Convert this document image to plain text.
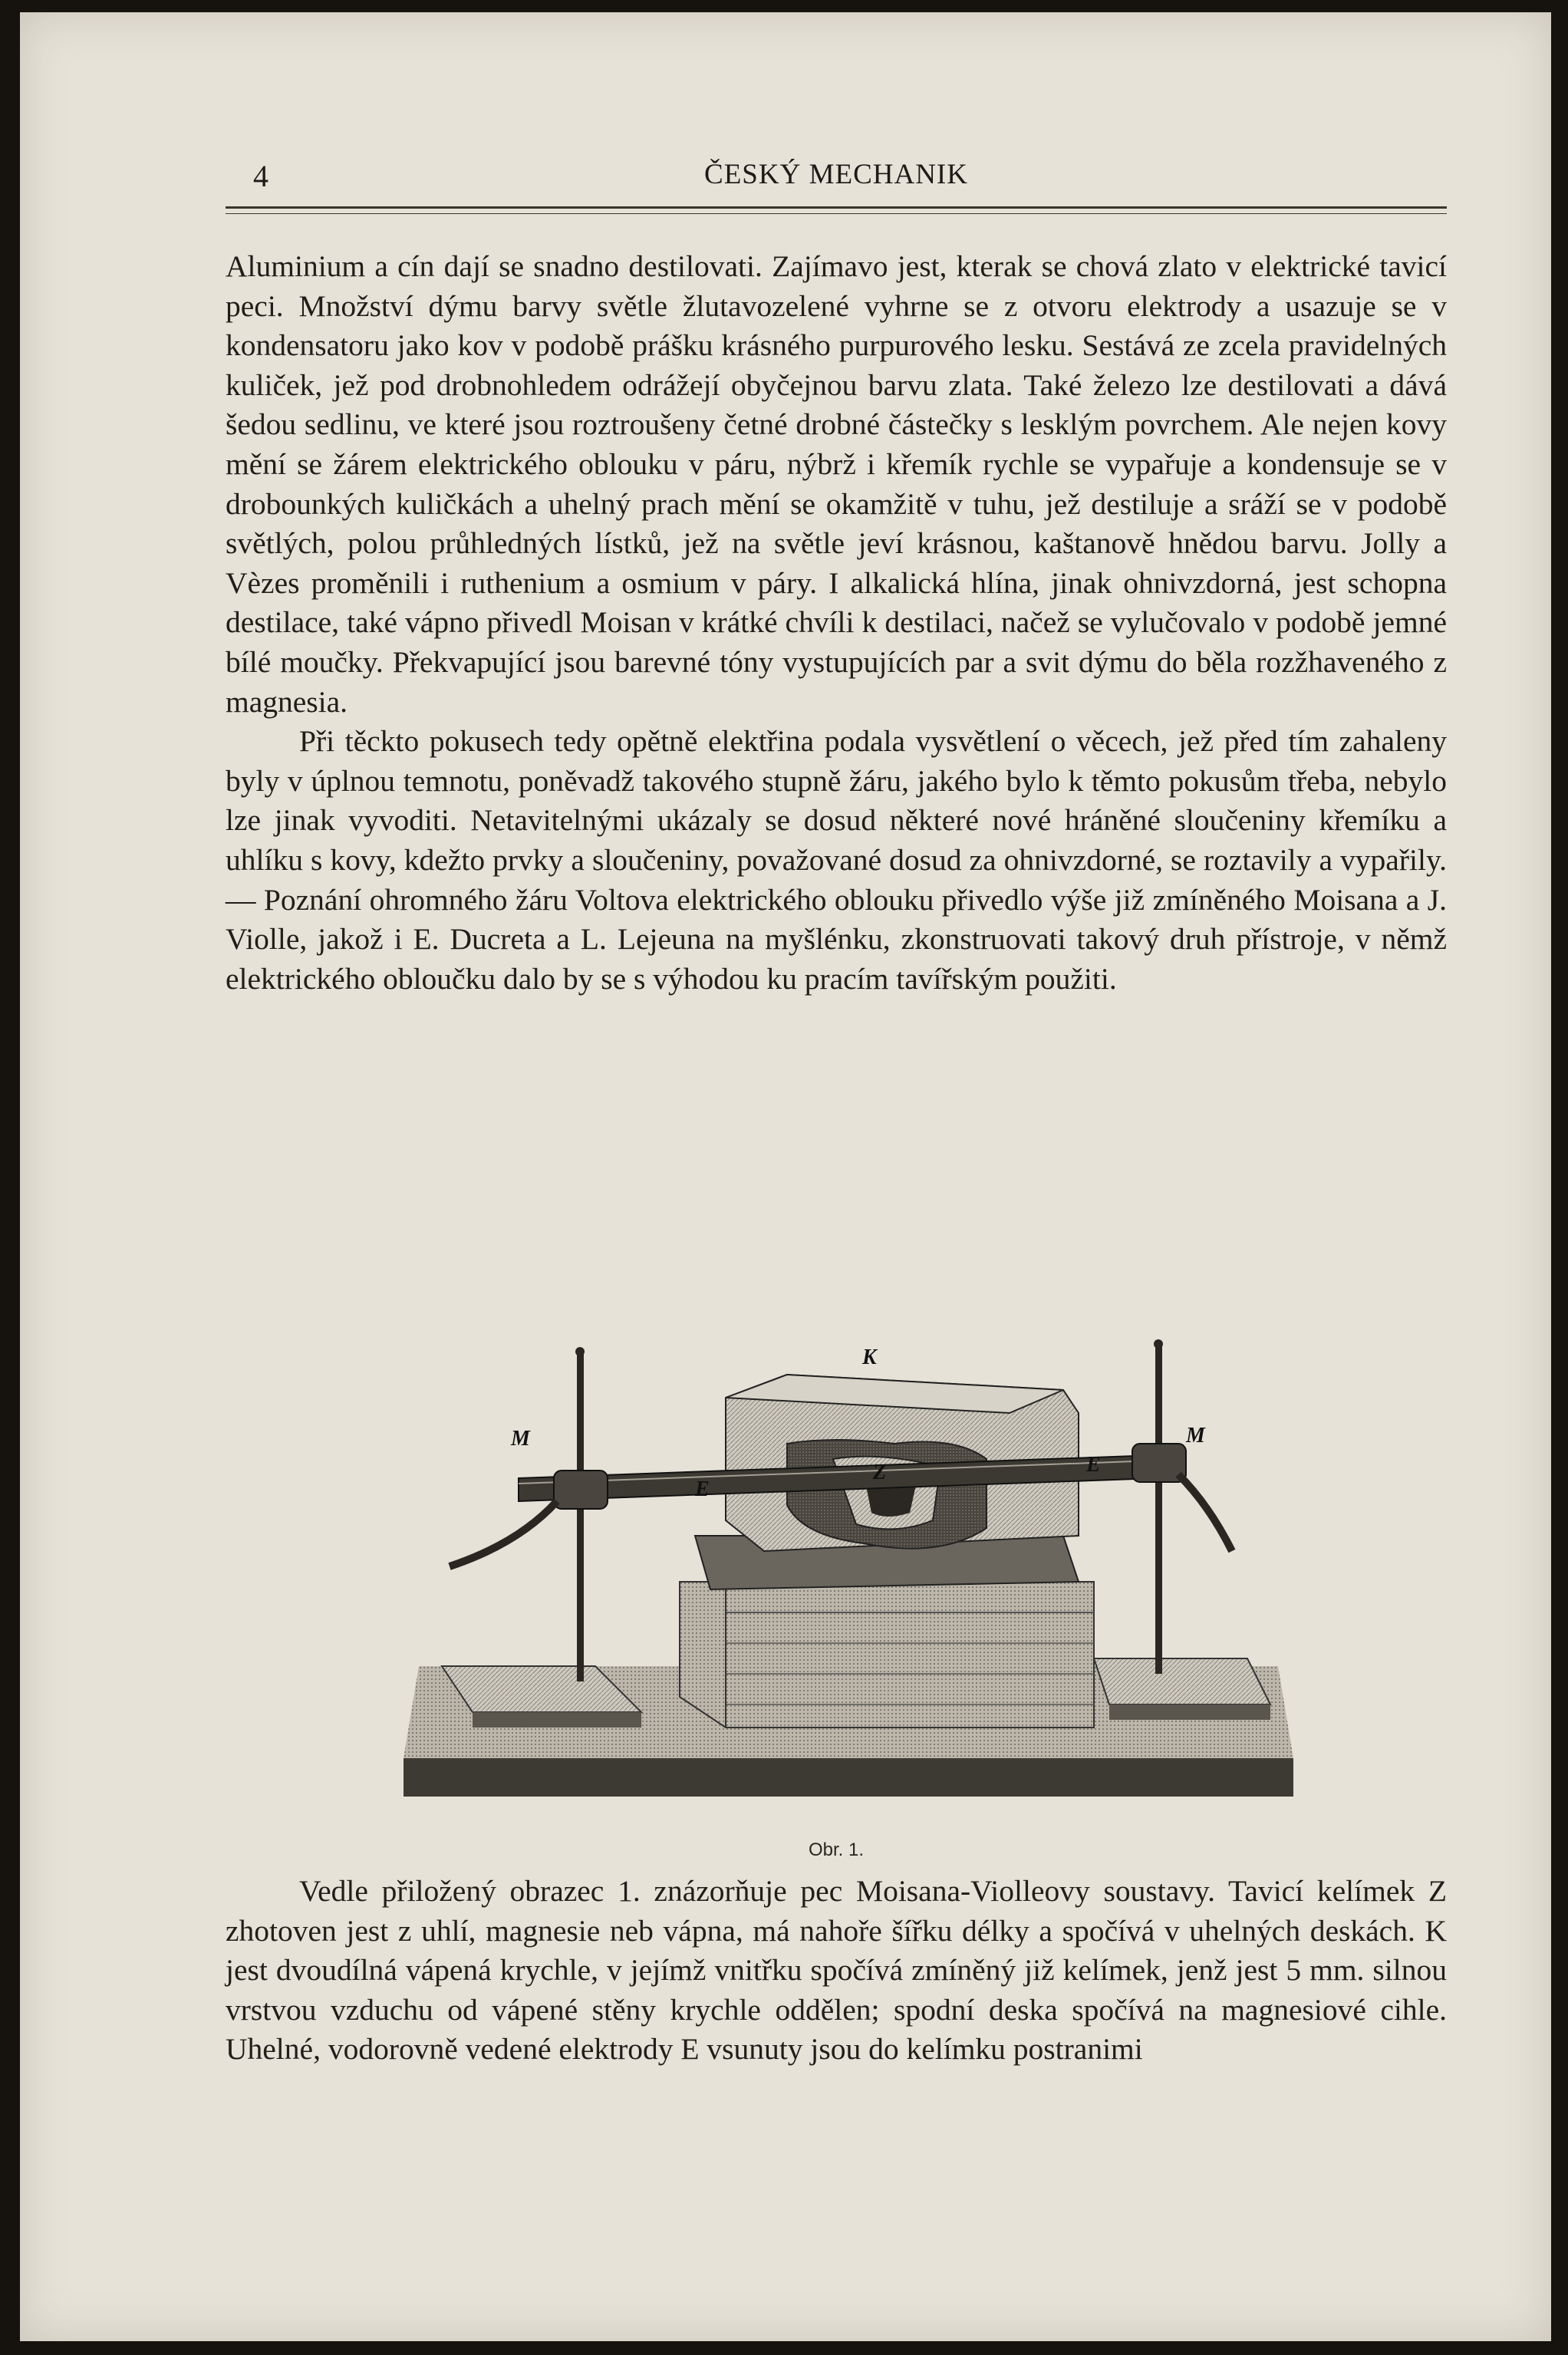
4	ČESKÝ MECHANIK

Aluminium a cín dají se snadno destilovati. Zajímavo jest, kterak se chová zlato v elektrické tavicí peci. Množství dýmu barvy světle žlutavozelené vyhrne se z otvoru elektrody a usazuje se v kondensatoru jako kov v podobě prášku krásného purpurového lesku. Sestává ze zcela pravidelných kuliček, jež pod drobnohledem odrážejí obyčejnou barvu zlata. Také železo lze destilovati a dává šedou sedlinu, ve které jsou roztroušeny četné drobné částečky s lesklým povrchem. Ale nejen kovy mění se žárem elektrického oblouku v páru, nýbrž i křemík rychle se vypařuje a kondensuje se v drobounkých kuličkách a uhelný prach mění se okamžitě v tuhu, jež destiluje a sráží se v podobě světlých, polou průhledných lístků, jež na světle jeví krásnou, kaštanově hnědou barvu. Jolly a Vèzes proměnili i ruthenium a osmium v páry. I alkalická hlína, jinak ohnivzdorná, jest schopna destilace, také vápno přivedl Moisan v krátké chvíli k destilaci, načež se vylučovalo v podobě jemné bílé moučky. Překvapující jsou barevné tóny vystupujících par a svit dýmu do běla rozžhaveného z magnesia.

Při těckto pokusech tedy opětně elektřina podala vysvětlení o věcech, jež před tím zahaleny byly v úplnou temnotu, poněvadž takového stupně žáru, jakého bylo k těmto pokusům třeba, nebylo lze jinak vyvoditi. Netavitelnými ukázaly se dosud některé nové hráněné sloučeniny křemíku a uhlíku s kovy, kdežto prvky a sloučeniny, považované dosud za ohnivzdorné, se roztavily a vypařily. — Poznání ohromného žáru Voltova elektrického oblouku přivedlo výše již zmíněného Moisana a J. Violle, jakož i E. Ducreta a L. Lejeuna na myšlénku, zkonstruovati takový druh přístroje, v němž elektrického obloučku dalo by se s výhodou ku pracím tavířským použiti.

K
M	M
E
E
Z
Obr. 1.

Vedle přiložený obrazec 1. znázorňuje pec Moisana-Violleovy soustavy. Tavicí kelímek Z zhotoven jest z uhlí, magnesie neb vápna, má nahoře šířku délky a spočívá v uhelných deskách. K jest dvoudílná vápená krychle, v jejímž vnitřku spočívá zmíněný již kelímek, jenž jest 5 mm. silnou vrstvou vzduchu od vápené stěny krychle oddělen; spodní deska spočívá na magnesiové cihle. Uhelné, vodorovně vedené elektrody E vsunuty jsou do kelímku postranimi
